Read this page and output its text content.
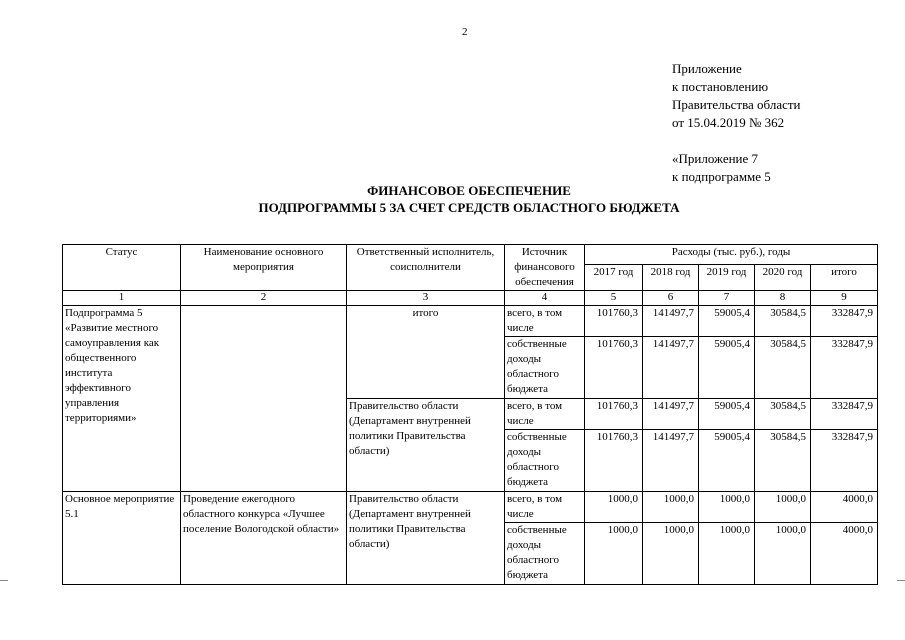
2
Приложение
к постановлению
Правительства области
от 15.04.2019 № 362
«Приложение 7
к подпрограмме 5
ФИНАНСОВОЕ ОБЕСПЕЧЕНИЕ
ПОДПРОГРАММЫ 5 ЗА СЧЕТ СРЕДСТВ ОБЛАСТНОГО БЮДЖЕТА
Статус	Наименование основного мероприятия	Ответственный исполнитель, соисполнители	Источник финансового обеспечения	Расходы (тыс. руб.), годы				
				2017 год	2018 год	2019 год	2020 год	итого
1	2	3	4	5	6	7	8	9
Подпрограмма 5 «Развитие местного самоуправления как общественного института эффективного управления территориями»		итого	всего, в том числе	101760,3	141497,7	59005,4	30584,5	332847,9
			собственные доходы областного бюджета	101760,3	141497,7	59005,4	30584,5	332847,9
		Правительство области (Департамент внутренней политики Правительства области)	всего, в том числе	101760,3	141497,7	59005,4	30584,5	332847,9
			собственные доходы областного бюджета	101760,3	141497,7	59005,4	30584,5	332847,9
Основное мероприятие 5.1	Проведение ежегодного областного конкурса «Лучшее поселение Вологодской области»	Правительство области (Департамент внутренней политики Правительства области)	всего, в том числе	1000,0	1000,0	1000,0	1000,0	4000,0
			собственные доходы областного бюджета	1000,0	1000,0	1000,0	1000,0	4000,0
